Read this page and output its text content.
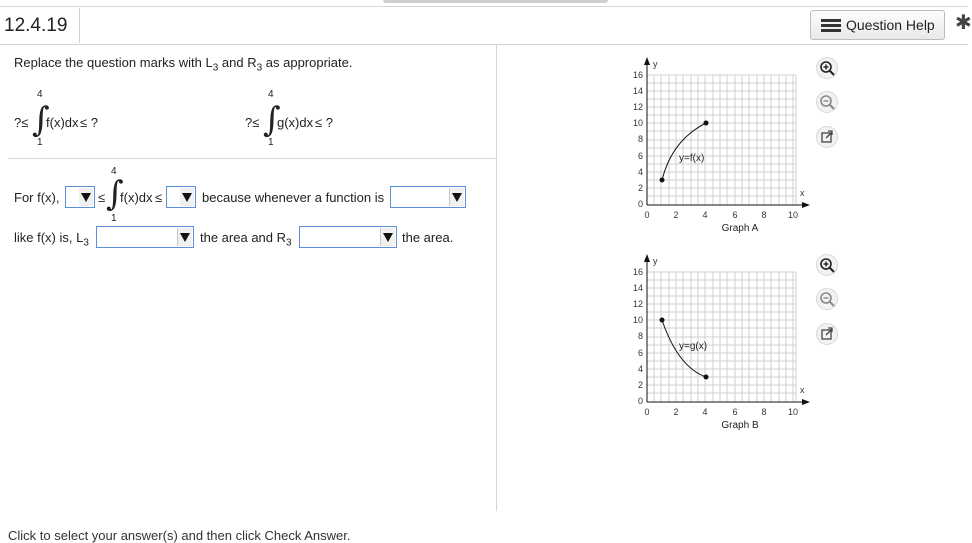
12.4.19	Question Help ✱
Replace the question marks with $L_3$ and $R_3$ as appropriate.
4
?≤ ∫
f(x)dx ≤ ?
1
4
?≤ ∫
g(x)dx ≤ ?
1
For f(x),	≤
4
∫
f(x)dx ≤
1
because whenever a function is
like f(x) is, $L_3$	the area and $R_3$	the area.
16
14
12
10
8
6
4
2
0
0	2	4	6	8 10
y
x
y=f(x)
Graph A
16
14
12
10
8
6
4
2
0
0	2	4	6	8 10
y
x
y=g(x)
Graph B
Click to select your answer(s) and then click Check Answer.
